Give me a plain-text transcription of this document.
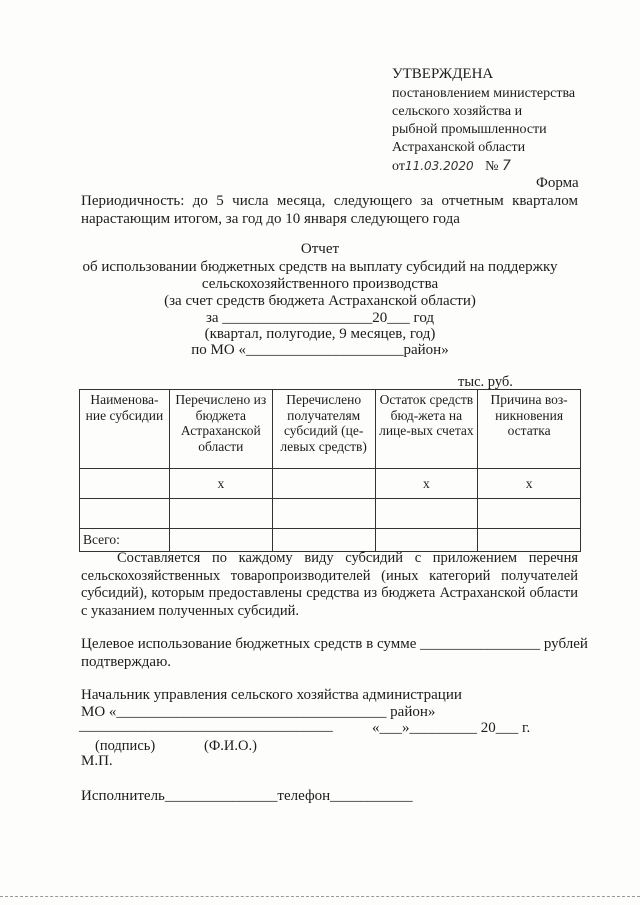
УТВЕРЖДЕНА
постановлением министерства
сельского хозяйства и
рыбной промышленности
Астраханской области
от11.03.2020 № 7
Форма
Периодичность: до 5 числа месяца, следующего за отчетным кварталом
нарастающим итогом, за год до 10 января следующего года
Отчет
об использовании бюджетных средств на выплату субсидий на поддержку
сельскохозяйственного производства
(за счет средств бюджета Астраханской области)
за ____________________20___ год
(квартал, полугодие, 9 месяцев, год)
по МО «_____________________район»
тыс. руб.
Наименова-ние субсидии	Перечислено из бюджета Астраханской области	Перечислено получателям субсидий (це-левых средств)	Остаток средств бюд-жета на лице-вых счетах	Причина воз-никновения остатка
	x		x	x

Всего:				
Составляется по каждому виду субсидий с приложением перечня сельскохозяйственных товаропроизводителей (иных категорий получателей субсидий), которым предоставлены средства из бюджета Астраханской области с указанием полученных субсидий.
Целевое использование бюджетных средств в сумме ________________ рублей
подтверждаю.
Начальник управления сельского хозяйства администрации
МО «____________________________________ район»
___________________________________	«___»_________ 20___ г.
(подпись)	(Ф.И.О.)
М.П.
Исполнитель_______________телефон___________
